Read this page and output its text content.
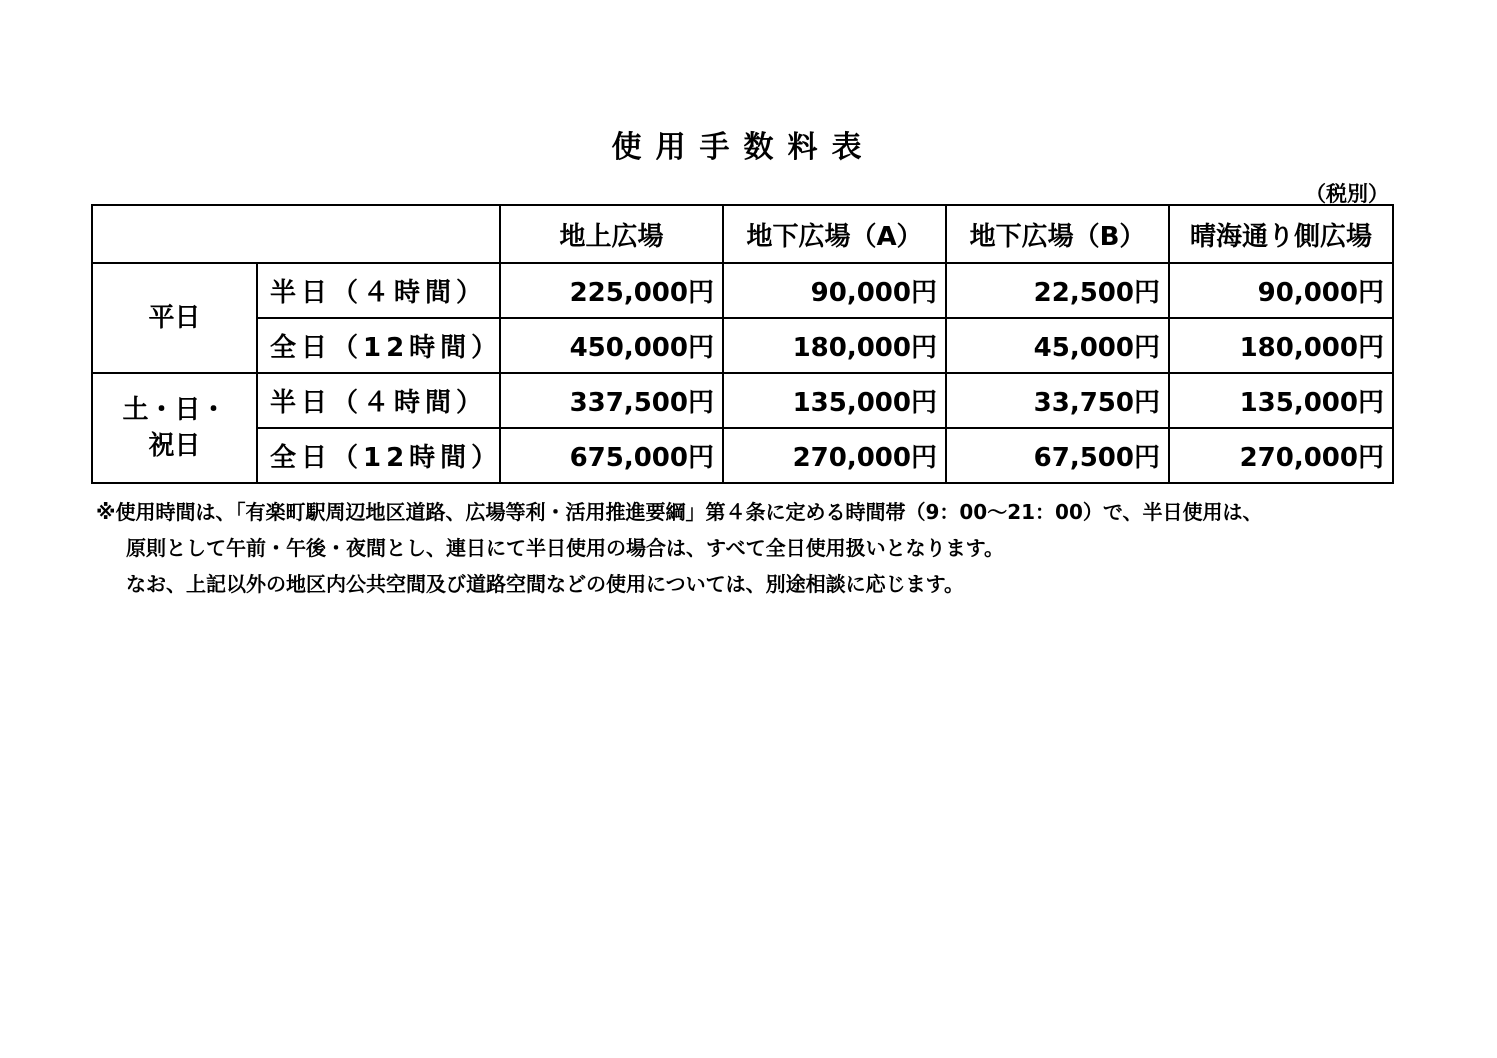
使用手数料表
（税別）
		地上広場	地下広場（A）	地下広場（B）	晴海通り側広場

平日	半日（４時間）	225,000円	90,000円	22,500円	90,000円
	全日（12時間）	450,000円	180,000円	45,000円	180,000円

土・日・
祝日	半日（４時間）	337,500円	135,000円	33,750円	135,000円
	全日（12時間）	675,000円	270,000円	67,500円	270,000円
※使用時間は、「有楽町駅周辺地区道路、広場等利・活用推進要綱」第４条に定める時間帯（9：00～21：00）で、半日使用は、
原則として午前・午後・夜間とし、連日にて半日使用の場合は、すべて全日使用扱いとなります。
なお、上記以外の地区内公共空間及び道路空間などの使用については、別途相談に応じます。
